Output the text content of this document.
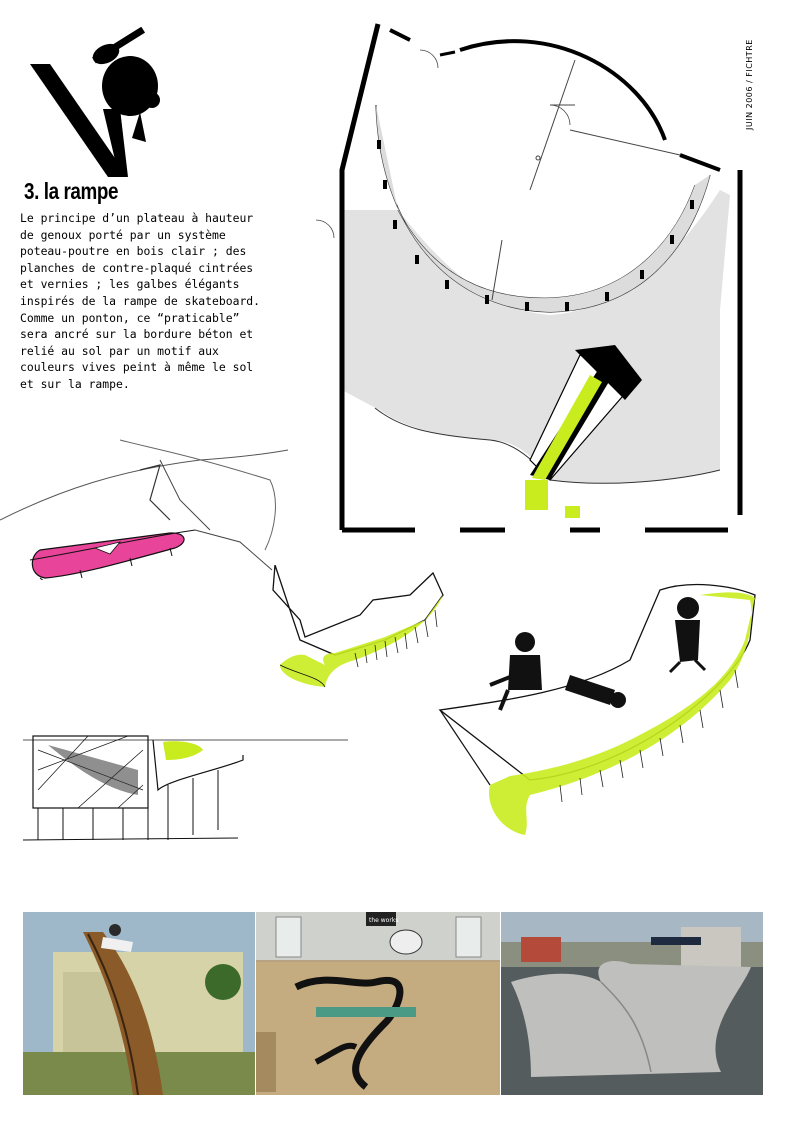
3. la rampe
Le principe d’un plateau à hauteur
de genoux porté par un système
poteau-poutre en bois clair ; des
planches de contre-plaqué cintrées
et vernies ; les galbes élégants
inspirés de la rampe de skateboard.
Comme un ponton, ce “praticable”
sera ancré sur la bordure béton et
relié au sol par un motif aux
couleurs vives peint à même le sol
et sur la rampe.
JUIN 2006 / FICHTRE
the works
